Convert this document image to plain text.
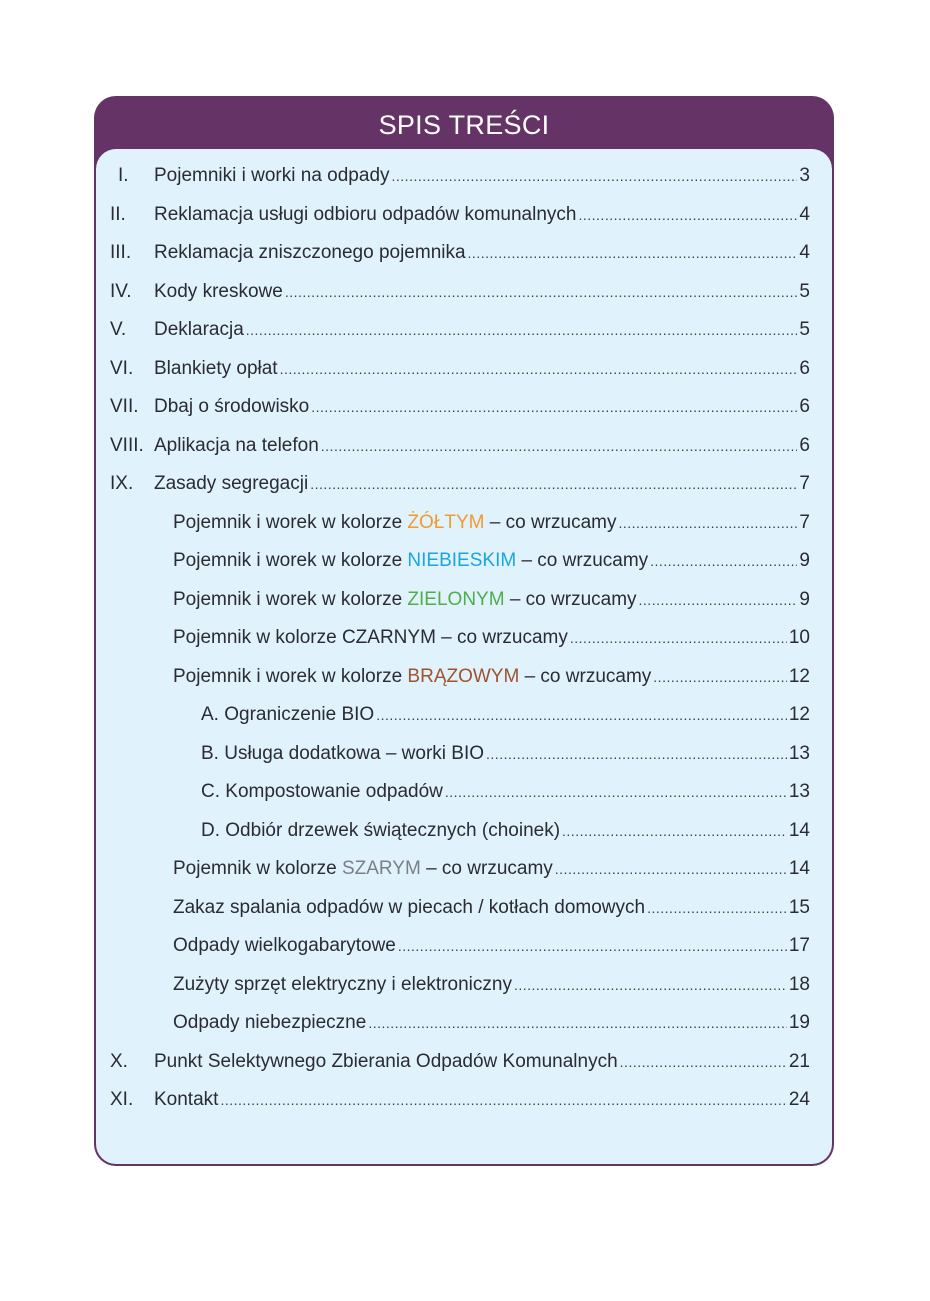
SPIS TREŚCI
I. Pojemniki i worki na odpady .....	3
II. Reklamacja usługi odbioru odpadów komunalnych .....	4
III. Reklamacja zniszczonego pojemnika .....	4
IV. Kody kreskowe .....	5
V. Deklaracja .....	5
VI. Blankiety opłat .....	6
VII. Dbaj o środowisko .....	6
VIII. Aplikacja na telefon .....	6
IX. Zasady segregacji .....	7
Pojemnik i worek w kolorze ŻÓŁTYM – co wrzucamy .....	7
Pojemnik i worek w kolorze NIEBIESKIM – co wrzucamy .....	9
Pojemnik i worek w kolorze ZIELONYM – co wrzucamy .....	9
Pojemnik w kolorze CZARNYM – co wrzucamy .....	10
Pojemnik i worek w kolorze BRĄZOWYM – co wrzucamy .....	12
A. Ograniczenie BIO .....	12
B. Usługa dodatkowa – worki BIO .....	13
C. Kompostowanie odpadów .....	13
D. Odbiór drzewek świątecznych (choinek) .....	14
Pojemnik w kolorze SZARYM – co wrzucamy .....	14
Zakaz spalania odpadów w piecach / kotłach domowych .....	15
Odpady wielkogabarytowe .....	17
Zużyty sprzęt elektryczny i elektroniczny .....	18
Odpady niebezpieczne .....	19
X. Punkt Selektywnego Zbierania Odpadów Komunalnych .....	21
XI. Kontakt .....	24
